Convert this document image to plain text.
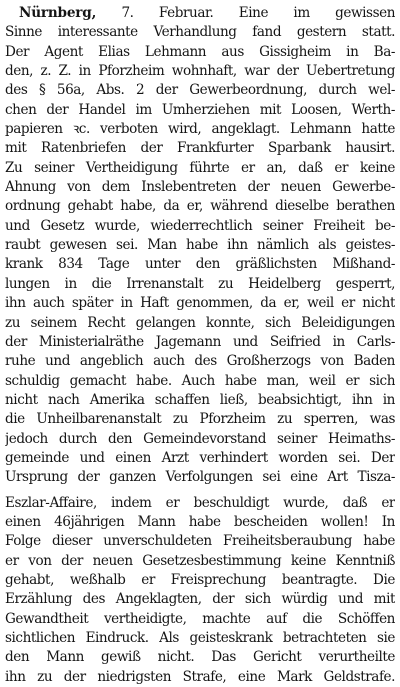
Nürnberg, 7. Februar. Eine im gewissen
Sinne interessante Verhandlung fand gestern statt.
Der Agent Elias Lehmann aus Gissigheim in Ba-
den, z. Z. in Pforzheim wohnhaft, war der Uebertretung
des § 56a, Abs. 2 der Gewerbeordnung, durch wel-
chen der Handel im Umherziehen mit Loosen, Werth-
papieren ꝛc. verboten wird, angeklagt. Lehmann hatte
mit Ratenbriefen der Frankfurter Sparbank hausirt.
Zu seiner Vertheidigung führte er an, daß er keine
Ahnung von dem Inslebentreten der neuen Gewerbe-
ordnung gehabt habe, da er, während dieselbe berathen
und Gesetz wurde, wiederrechtlich seiner Freiheit be-
raubt gewesen sei. Man habe ihn nämlich als geistes-
krank 834 Tage unter den gräßlichsten Mißhand-
lungen in die Irrenanstalt zu Heidelberg gesperrt,
ihn auch später in Haft genommen, da er, weil er nicht
zu seinem Recht gelangen konnte, sich Beleidigungen
der Ministerialräthe Jagemann und Seifried in Carls-
ruhe und angeblich auch des Großherzogs von Baden
schuldig gemacht habe. Auch habe man, weil er sich
nicht nach Amerika schaffen ließ, beabsichtigt, ihn in
die Unheilbarenanstalt zu Pforzheim zu sperren, was
jedoch durch den Gemeindevorstand seiner Heimaths-
gemeinde und einen Arzt verhindert worden sei. Der
Ursprung der ganzen Verfolgungen sei eine Art Tisza-
Eszlar-Affaire, indem er beschuldigt wurde, daß er
einen 46jährigen Mann habe bescheiden wollen! In
Folge dieser unverschuldeten Freiheitsberaubung habe
er von der neuen Gesetzesbestimmung keine Kenntniß
gehabt, weßhalb er Freisprechung beantragte. Die
Erzählung des Angeklagten, der sich würdig und mit
Gewandtheit vertheidigte, machte auf die Schöffen
sichtlichen Eindruck. Als geisteskrank betrachteten sie
den Mann gewiß nicht. Das Gericht verurtheilte
ihn zu der niedrigsten Strafe, eine Mark Geldstrafe.
